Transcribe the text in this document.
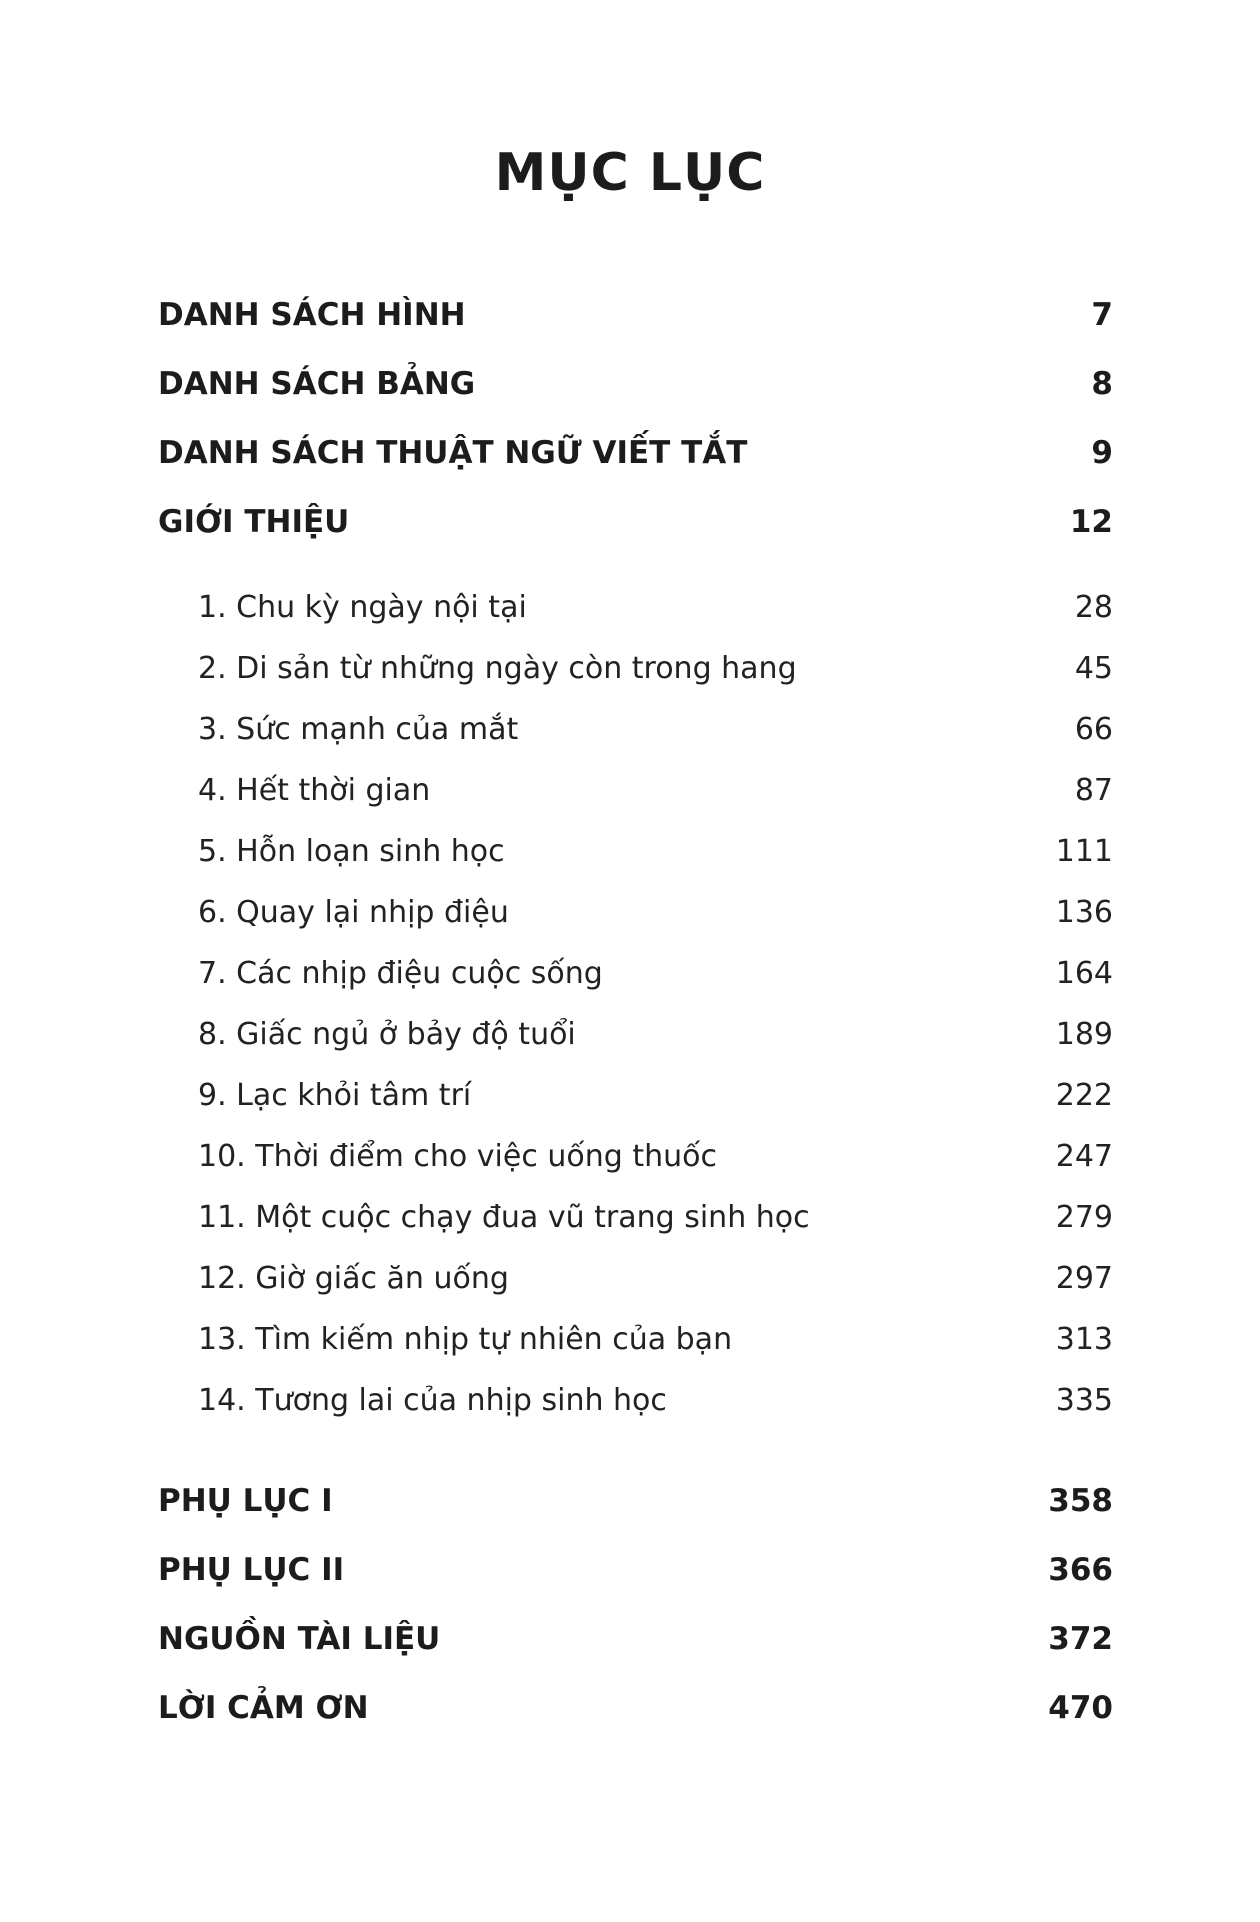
MỤC LỤC
DANH SÁCH HÌNH	7
DANH SÁCH BẢNG	8
DANH SÁCH THUẬT NGỮ VIẾT TẮT	9
GIỚI THIỆU	12
1. Chu kỳ ngày nội tại	28
2. Di sản từ những ngày còn trong hang	45
3. Sức mạnh của mắt	66
4. Hết thời gian	87
5. Hỗn loạn sinh học	111
6. Quay lại nhịp điệu	136
7. Các nhịp điệu cuộc sống	164
8. Giấc ngủ ở bảy độ tuổi	189
9. Lạc khỏi tâm trí	222
10. Thời điểm cho việc uống thuốc	247
11. Một cuộc chạy đua vũ trang sinh học	279
12. Giờ giấc ăn uống	297
13. Tìm kiếm nhịp tự nhiên của bạn	313
14. Tương lai của nhịp sinh học	335
PHỤ LỤC I	358
PHỤ LỤC II	366
NGUỒN TÀI LIỆU	372
LỜI CẢM ƠN	470
